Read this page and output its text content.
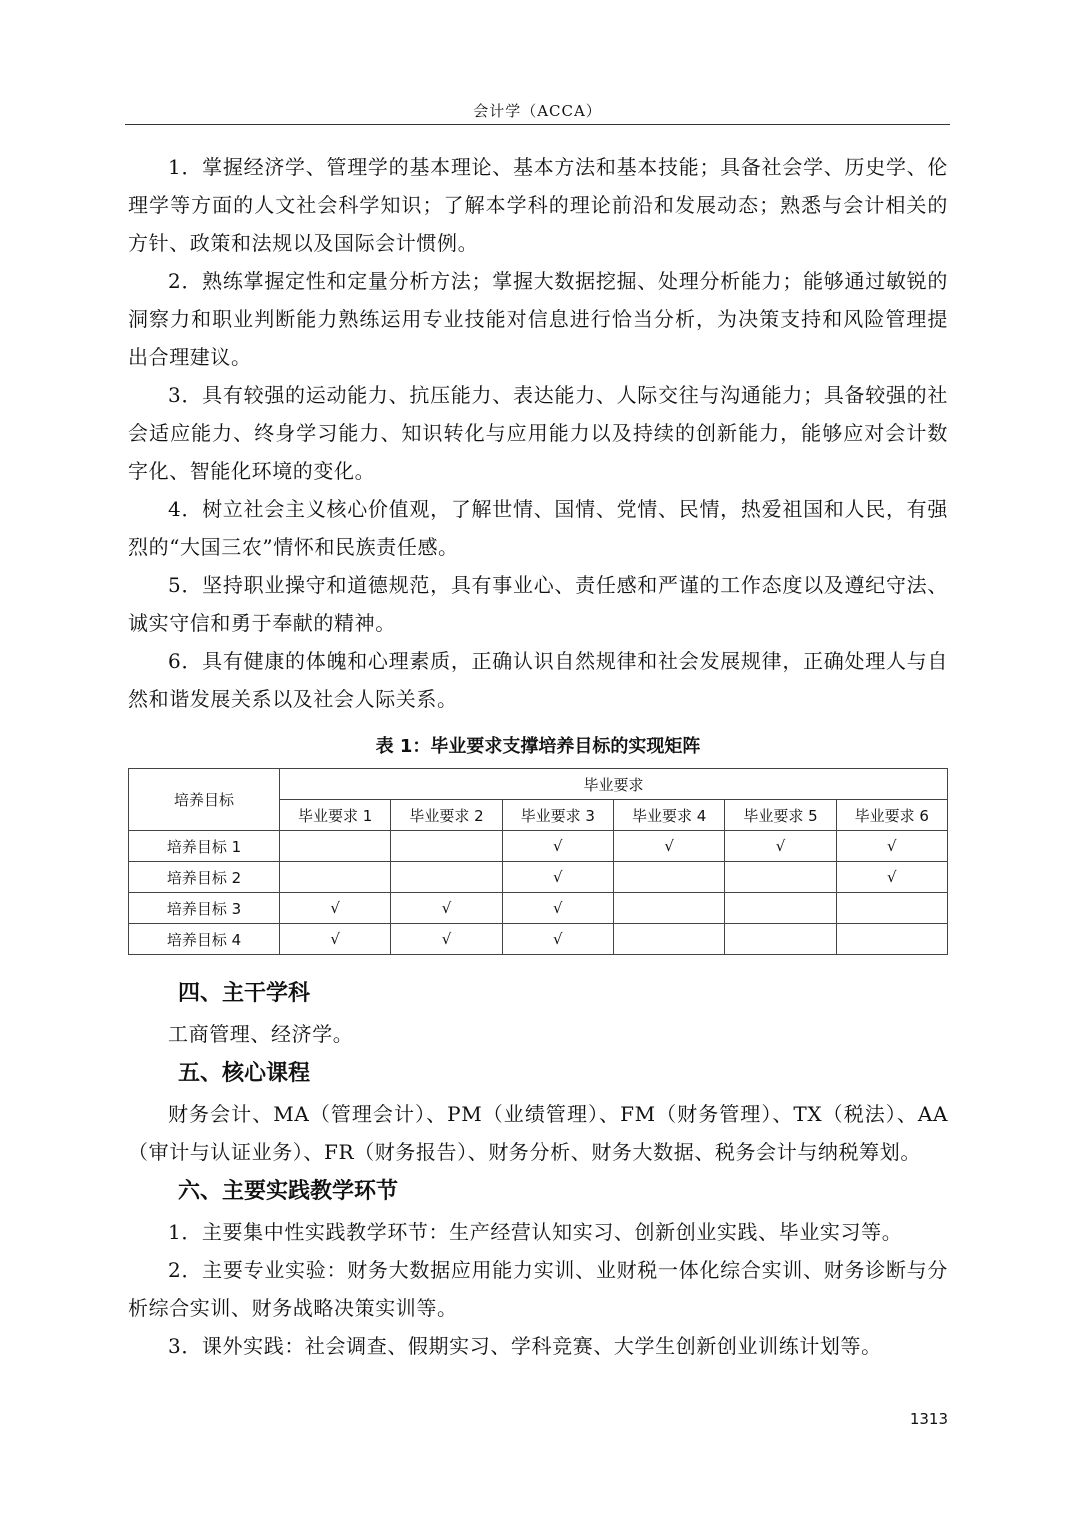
会计学（ACCA）

1．掌握经济学、管理学的基本理论、基本方法和基本技能；具备社会学、历史学、伦理学等方面的人文社会科学知识；了解本学科的理论前沿和发展动态；熟悉与会计相关的方针、政策和法规以及国际会计惯例。

2．熟练掌握定性和定量分析方法；掌握大数据挖掘、处理分析能力；能够通过敏锐的洞察力和职业判断能力熟练运用专业技能对信息进行恰当分析，为决策支持和风险管理提出合理建议。

3．具有较强的运动能力、抗压能力、表达能力、人际交往与沟通能力；具备较强的社会适应能力、终身学习能力、知识转化与应用能力以及持续的创新能力，能够应对会计数字化、智能化环境的变化。

4．树立社会主义核心价值观，了解世情、国情、党情、民情，热爱祖国和人民，有强烈的“大国三农”情怀和民族责任感。

5．坚持职业操守和道德规范，具有事业心、责任感和严谨的工作态度以及遵纪守法、诚实守信和勇于奉献的精神。

6．具有健康的体魄和心理素质，正确认识自然规律和社会发展规律，正确处理人与自然和谐发展关系以及社会人际关系。

表 1：毕业要求支撑培养目标的实现矩阵
培养目标	毕业要求					
	毕业要求 1	毕业要求 2	毕业要求 3	毕业要求 4	毕业要求 5	毕业要求 6
培养目标 1			√	√	√	√
培养目标 2			√			√
培养目标 3	√	√	√			
培养目标 4	√	√	√			
四、主干学科

工商管理、经济学。

五、核心课程

财务会计、MA（管理会计）、PM（业绩管理）、FM（财务管理）、TX（税法）、AA（审计与认证业务）、FR（财务报告）、财务分析、财务大数据、税务会计与纳税筹划。

六、主要实践教学环节

1．主要集中性实践教学环节：生产经营认知实习、创新创业实践、毕业实习等。

2．主要专业实验：财务大数据应用能力实训、业财税一体化综合实训、财务诊断与分析综合实训、财务战略决策实训等。

3．课外实践：社会调查、假期实习、学科竞赛、大学生创新创业训练计划等。

1313
